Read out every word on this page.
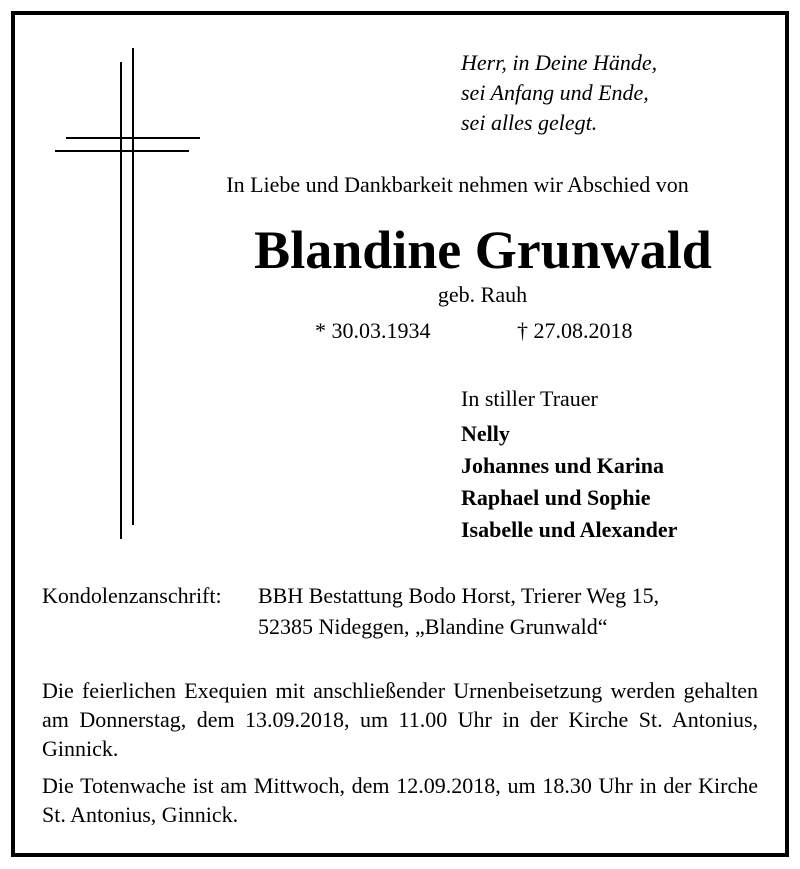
Herr, in Deine Hände,
sei Anfang und Ende,
sei alles gelegt.
In Liebe und Dankbarkeit nehmen wir Abschied von
Blandine Grunwald
geb. Rauh
* 30.03.1934	† 27.08.2018
In stiller Trauer
Nelly
Johannes und Karina
Raphael und Sophie
Isabelle und Alexander
Kondolenzanschrift: BBH Bestattung Bodo Horst, Trierer Weg 15,
52385 Nideggen, „Blandine Grunwald“
Die feierlichen Exequien mit anschließender Urnenbeisetzung werden gehalten am Donnerstag, dem 13.09.2018, um 11.00 Uhr in der Kirche St. Antonius, Ginnick.
Die Totenwache ist am Mittwoch, dem 12.09.2018, um 18.30 Uhr in der Kirche St. Antonius, Ginnick.
